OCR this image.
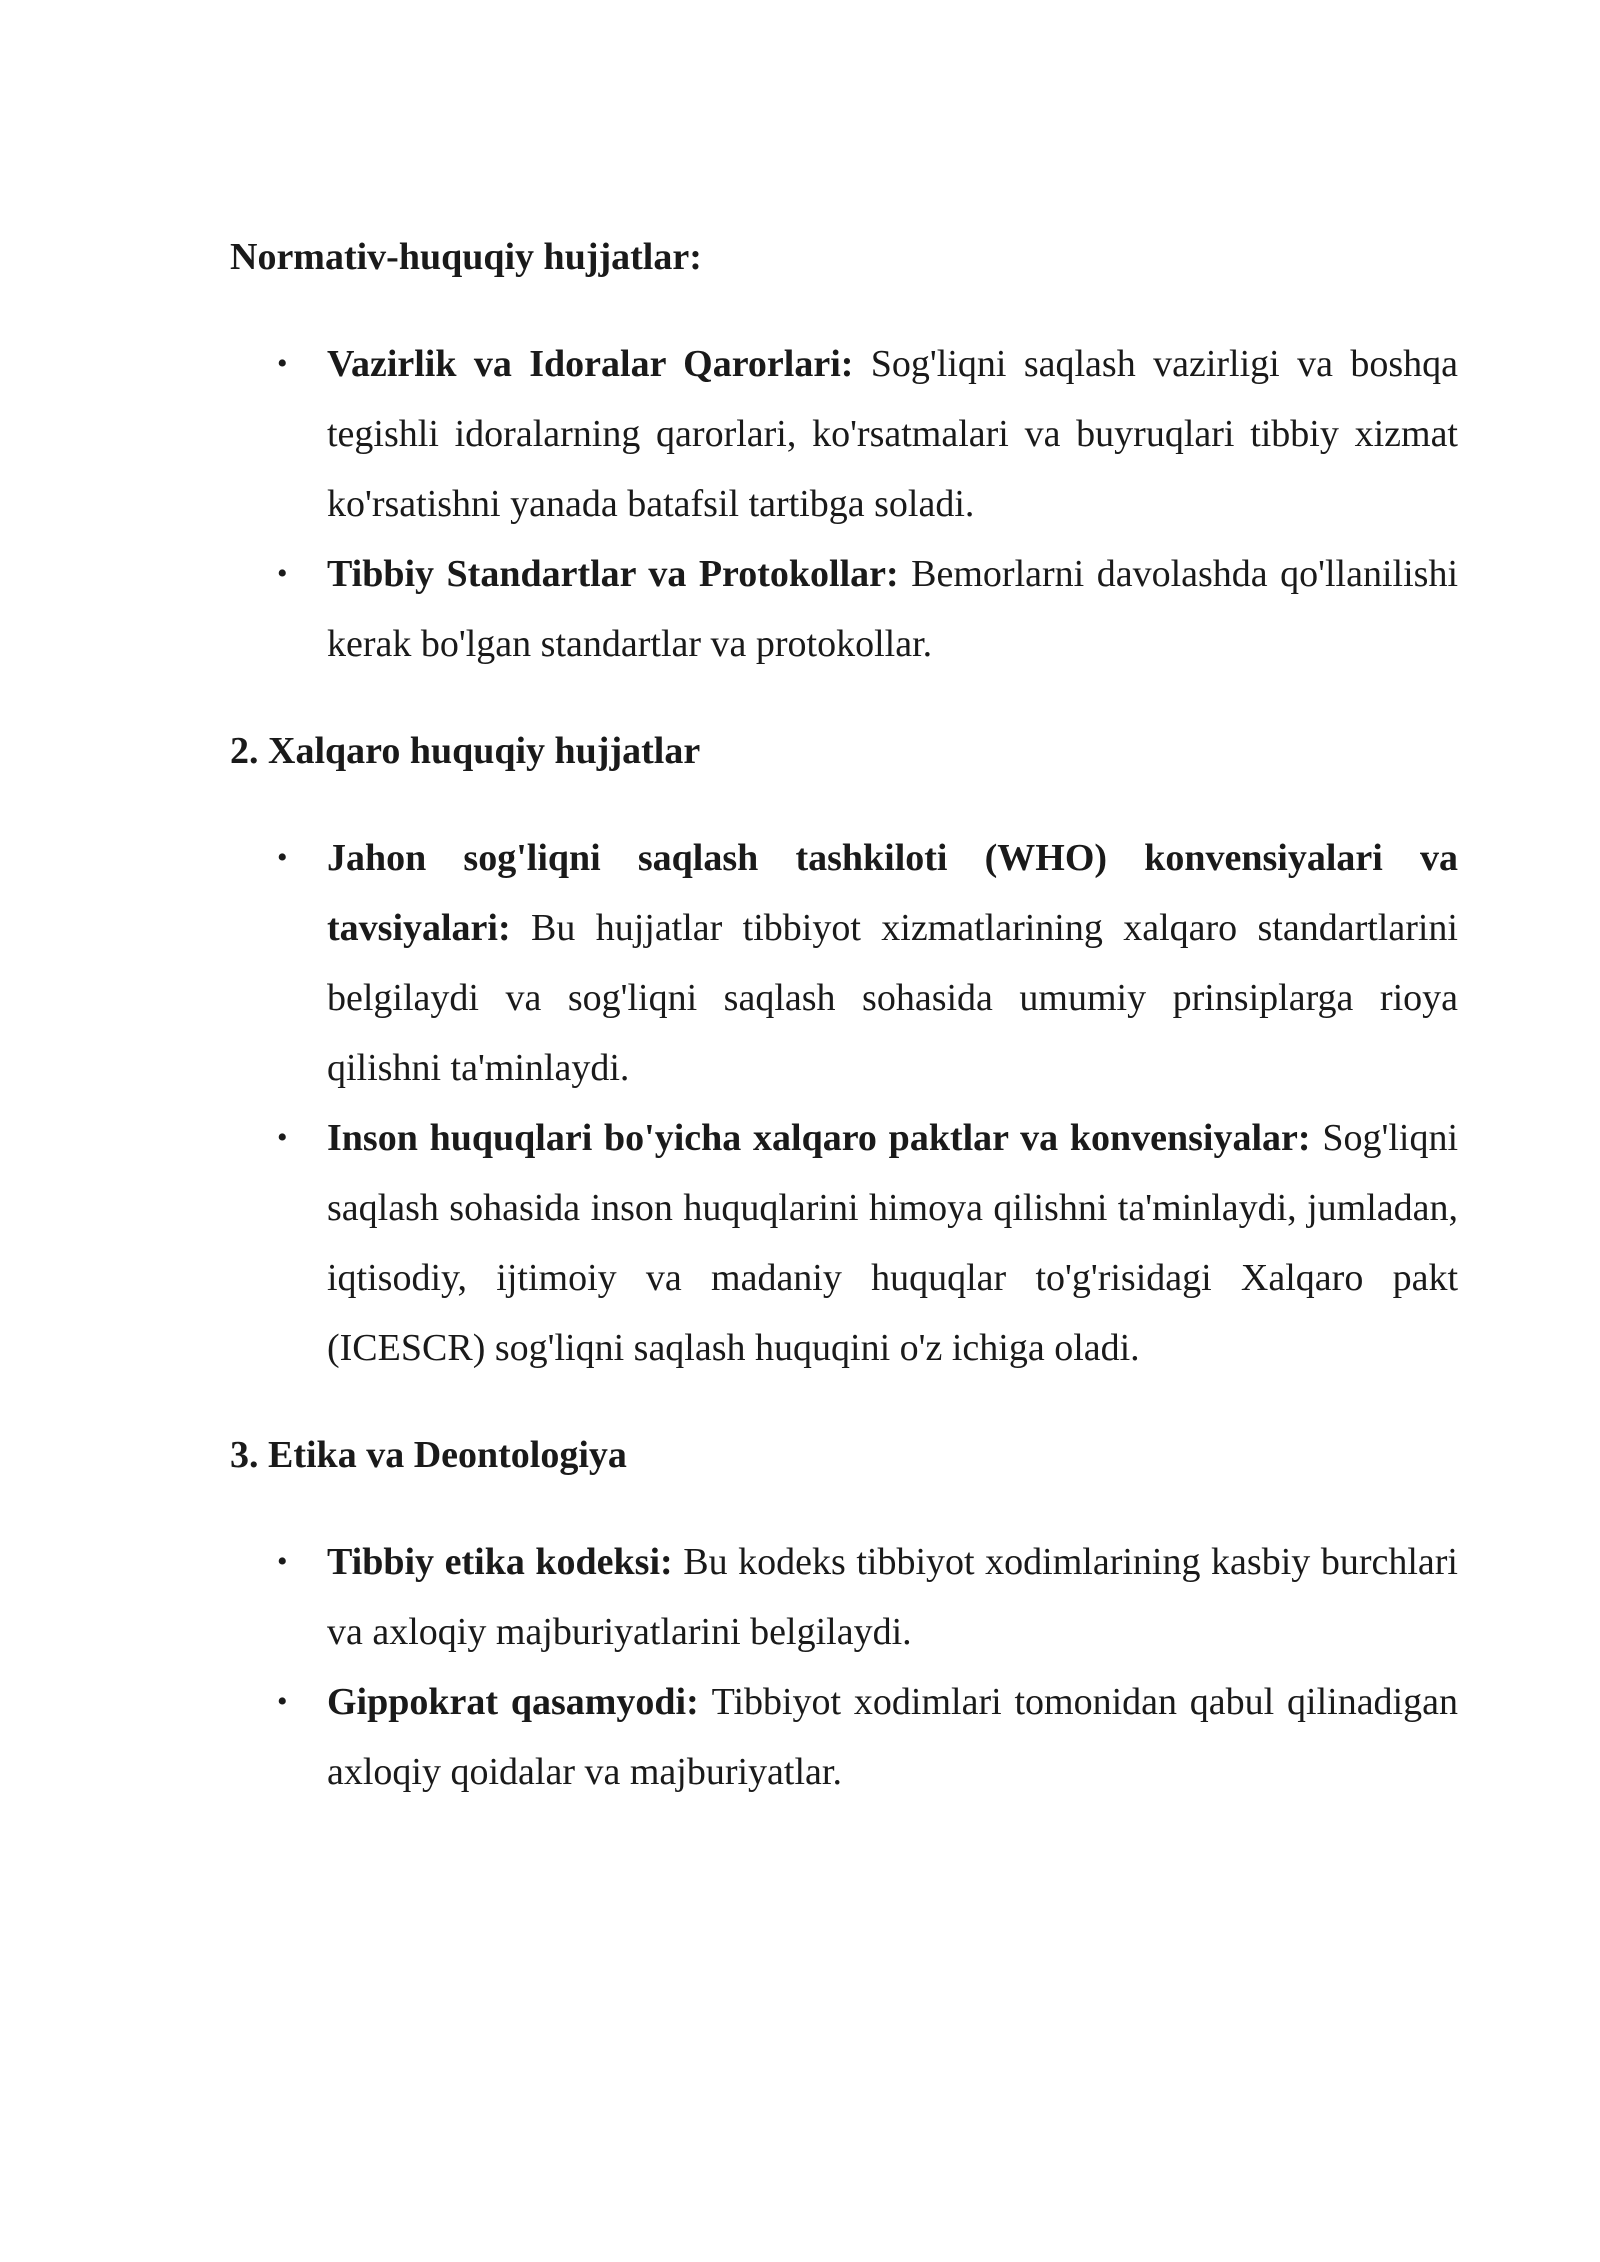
Normativ-huquqiy hujjatlar:
• Vazirlik va Idoralar Qarorlari: Sog'liqni saqlash vazirligi va boshqa tegishli idoralarning qarorlari, ko'rsatmalari va buyruqlari tibbiy xizmat ko'rsatishni yanada batafsil tartibga soladi.
• Tibbiy Standartlar va Protokollar: Bemorlarni davolashda qo'llanilishi kerak bo'lgan standartlar va protokollar.
2. Xalqaro huquqiy hujjatlar
• Jahon sog'liqni saqlash tashkiloti (WHO) konvensiyalari va tavsiyalari: Bu hujjatlar tibbiyot xizmatlarining xalqaro standartlarini belgilaydi va sog'liqni saqlash sohasida umumiy prinsiplarga rioya qilishni ta'minlaydi.
• Inson huquqlari bo'yicha xalqaro paktlar va konvensiyalar: Sog'liqni saqlash sohasida inson huquqlarini himoya qilishni ta'minlaydi, jumladan, iqtisodiy, ijtimoiy va madaniy huquqlar to'g'risidagi Xalqaro pakt (ICESCR) sog'liqni saqlash huquqini o'z ichiga oladi.
3. Etika va Deontologiya
• Tibbiy etika kodeksi: Bu kodeks tibbiyot xodimlarining kasbiy burchlari va axloqiy majburiyatlarini belgilaydi.
• Gippokrat qasamyodi: Tibbiyot xodimlari tomonidan qabul qilinadigan axloqiy qoidalar va majburiyatlar.
